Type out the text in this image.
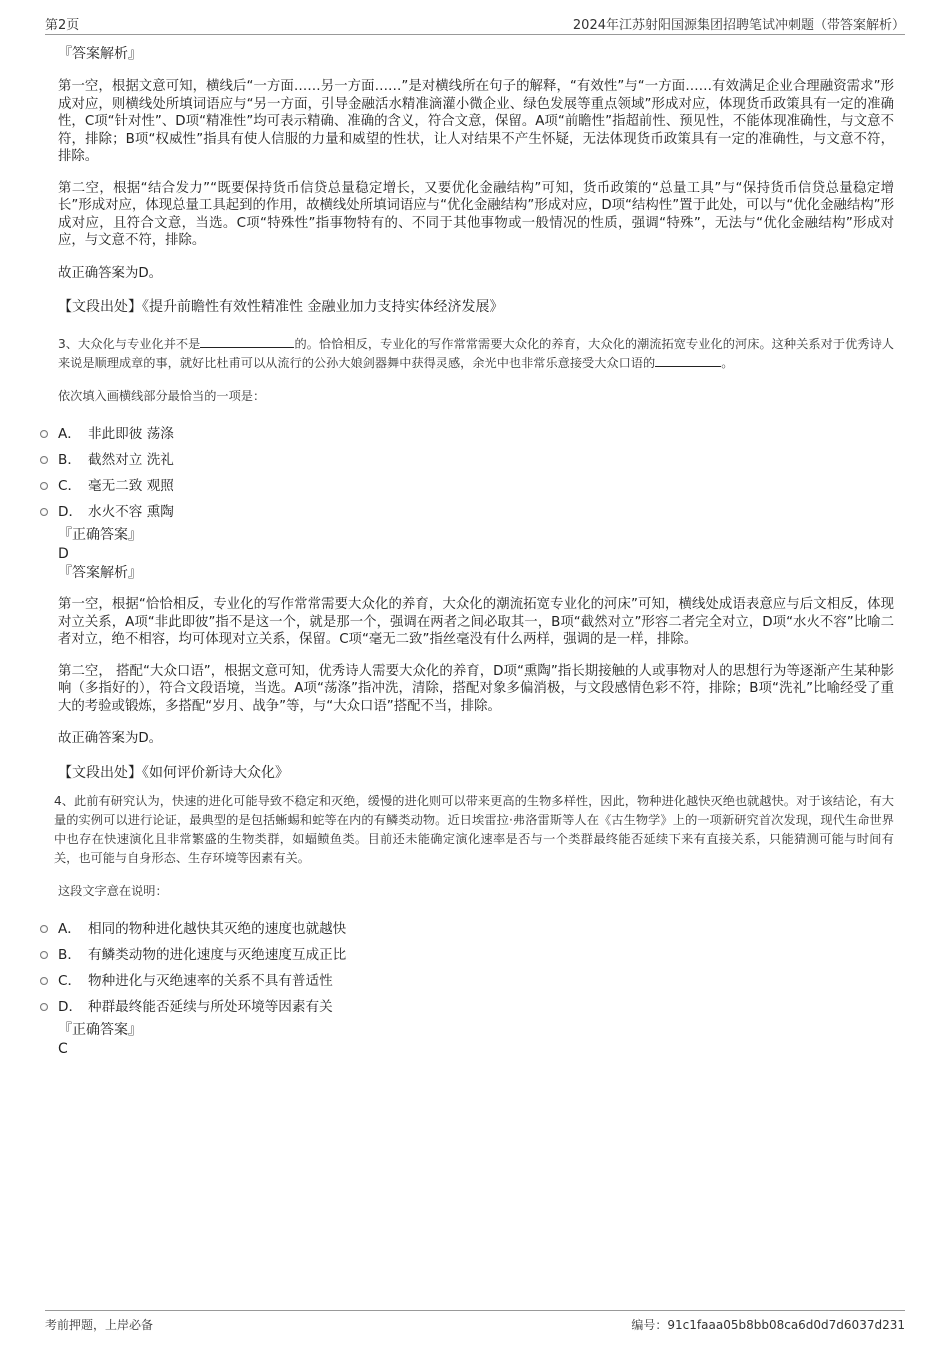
第2页	2024年江苏射阳国源集团招聘笔试冲刺题（带答案解析）

『答案解析』

第一空，根据文意可知，横线后“一方面……另一方面……”是对横线所在句子的解释，“有效性”与“一方面……有效满足企业合理融资需求”形成对应，则横线处所填词语应与“另一方面，引导金融活水精准滴灌小微企业、绿色发展等重点领域”形成对应，体现货币政策具有一定的准确性，C项“针对性”、D项“精准性”均可表示精确、准确的含义，符合文意，保留。A项“前瞻性”指超前性、预见性，不能体现准确性，与文意不符，排除；B项“权威性”指具有使人信服的力量和威望的性状，让人对结果不产生怀疑，无法体现货币政策具有一定的准确性，与文意不符，排除。

第二空，根据“结合发力”“既要保持货币信贷总量稳定增长，又要优化金融结构”可知，货币政策的“总量工具”与“保持货币信贷总量稳定增长”形成对应，体现总量工具起到的作用，故横线处所填词语应与“优化金融结构”形成对应，D项“结构性”置于此处，可以与“优化金融结构”形成对应，且符合文意，当选。C项“特殊性”指事物特有的、不同于其他事物或一般情况的性质，强调“特殊”，无法与“优化金融结构”形成对应，与文意不符，排除。

故正确答案为D。

【文段出处】《提升前瞻性有效性精准性 金融业加力支持实体经济发展》

3、大众化与专业化并不是	的。恰恰相反，专业化的写作常常需要大众化的养育，大众化的潮流拓宽专业化的河床。这种关系对于优秀诗人来说是顺理成章的事，就好比杜甫可以从流行的公孙大娘剑器舞中获得灵感，余光中也非常乐意接受大众口语的	。

依次填入画横线部分最恰当的一项是：

A． 非此即彼 荡涤
B． 截然对立 洗礼
C． 毫无二致 观照
D． 水火不容 熏陶

『正确答案』

D

『答案解析』

第一空，根据“恰恰相反，专业化的写作常常需要大众化的养育，大众化的潮流拓宽专业化的河床”可知，横线处成语表意应与后文相反，体现对立关系，A项“非此即彼”指不是这一个，就是那一个，强调在两者之间必取其一，B项“截然对立”形容二者完全对立，D项“水火不容”比喻二者对立，绝不相容，均可体现对立关系，保留。C项“毫无二致”指丝毫没有什么两样，强调的是一样，排除。

第二空， 搭配“大众口语”，根据文意可知，优秀诗人需要大众化的养育，D项“熏陶”指长期接触的人或事物对人的思想行为等逐渐产生某种影响（多指好的），符合文段语境，当选。A项“荡涤”指冲洗，清除，搭配对象多偏消极，与文段感情色彩不符，排除；B项“洗礼”比喻经受了重大的考验或锻炼，多搭配“岁月、战争”等，与“大众口语”搭配不当，排除。

故正确答案为D。

【文段出处】《如何评价新诗大众化》

4、此前有研究认为，快速的进化可能导致不稳定和灭绝，缓慢的进化则可以带来更高的生物多样性，因此，物种进化越快灭绝也就越快。对于该结论，有大量的实例可以进行论证，最典型的是包括蜥蜴和蛇等在内的有鳞类动物。近日埃雷拉·弗洛雷斯等人在《古生物学》上的一项新研究首次发现，现代生命世界中也存在快速演化且非常繁盛的生物类群，如蝠鲼鱼类。目前还未能确定演化速率是否与一个类群最终能否延续下来有直接关系，只能猜测可能与时间有关，也可能与自身形态、生存环境等因素有关。

这段文字意在说明：

A． 相同的物种进化越快其灭绝的速度也就越快
B． 有鳞类动物的进化速度与灭绝速度互成正比
C． 物种进化与灭绝速率的关系不具有普适性
D． 种群最终能否延续与所处环境等因素有关

『正确答案』

C

考前押题，上岸必备	编号：91c1faaa05b8bb08ca6d0d7d6037d231
